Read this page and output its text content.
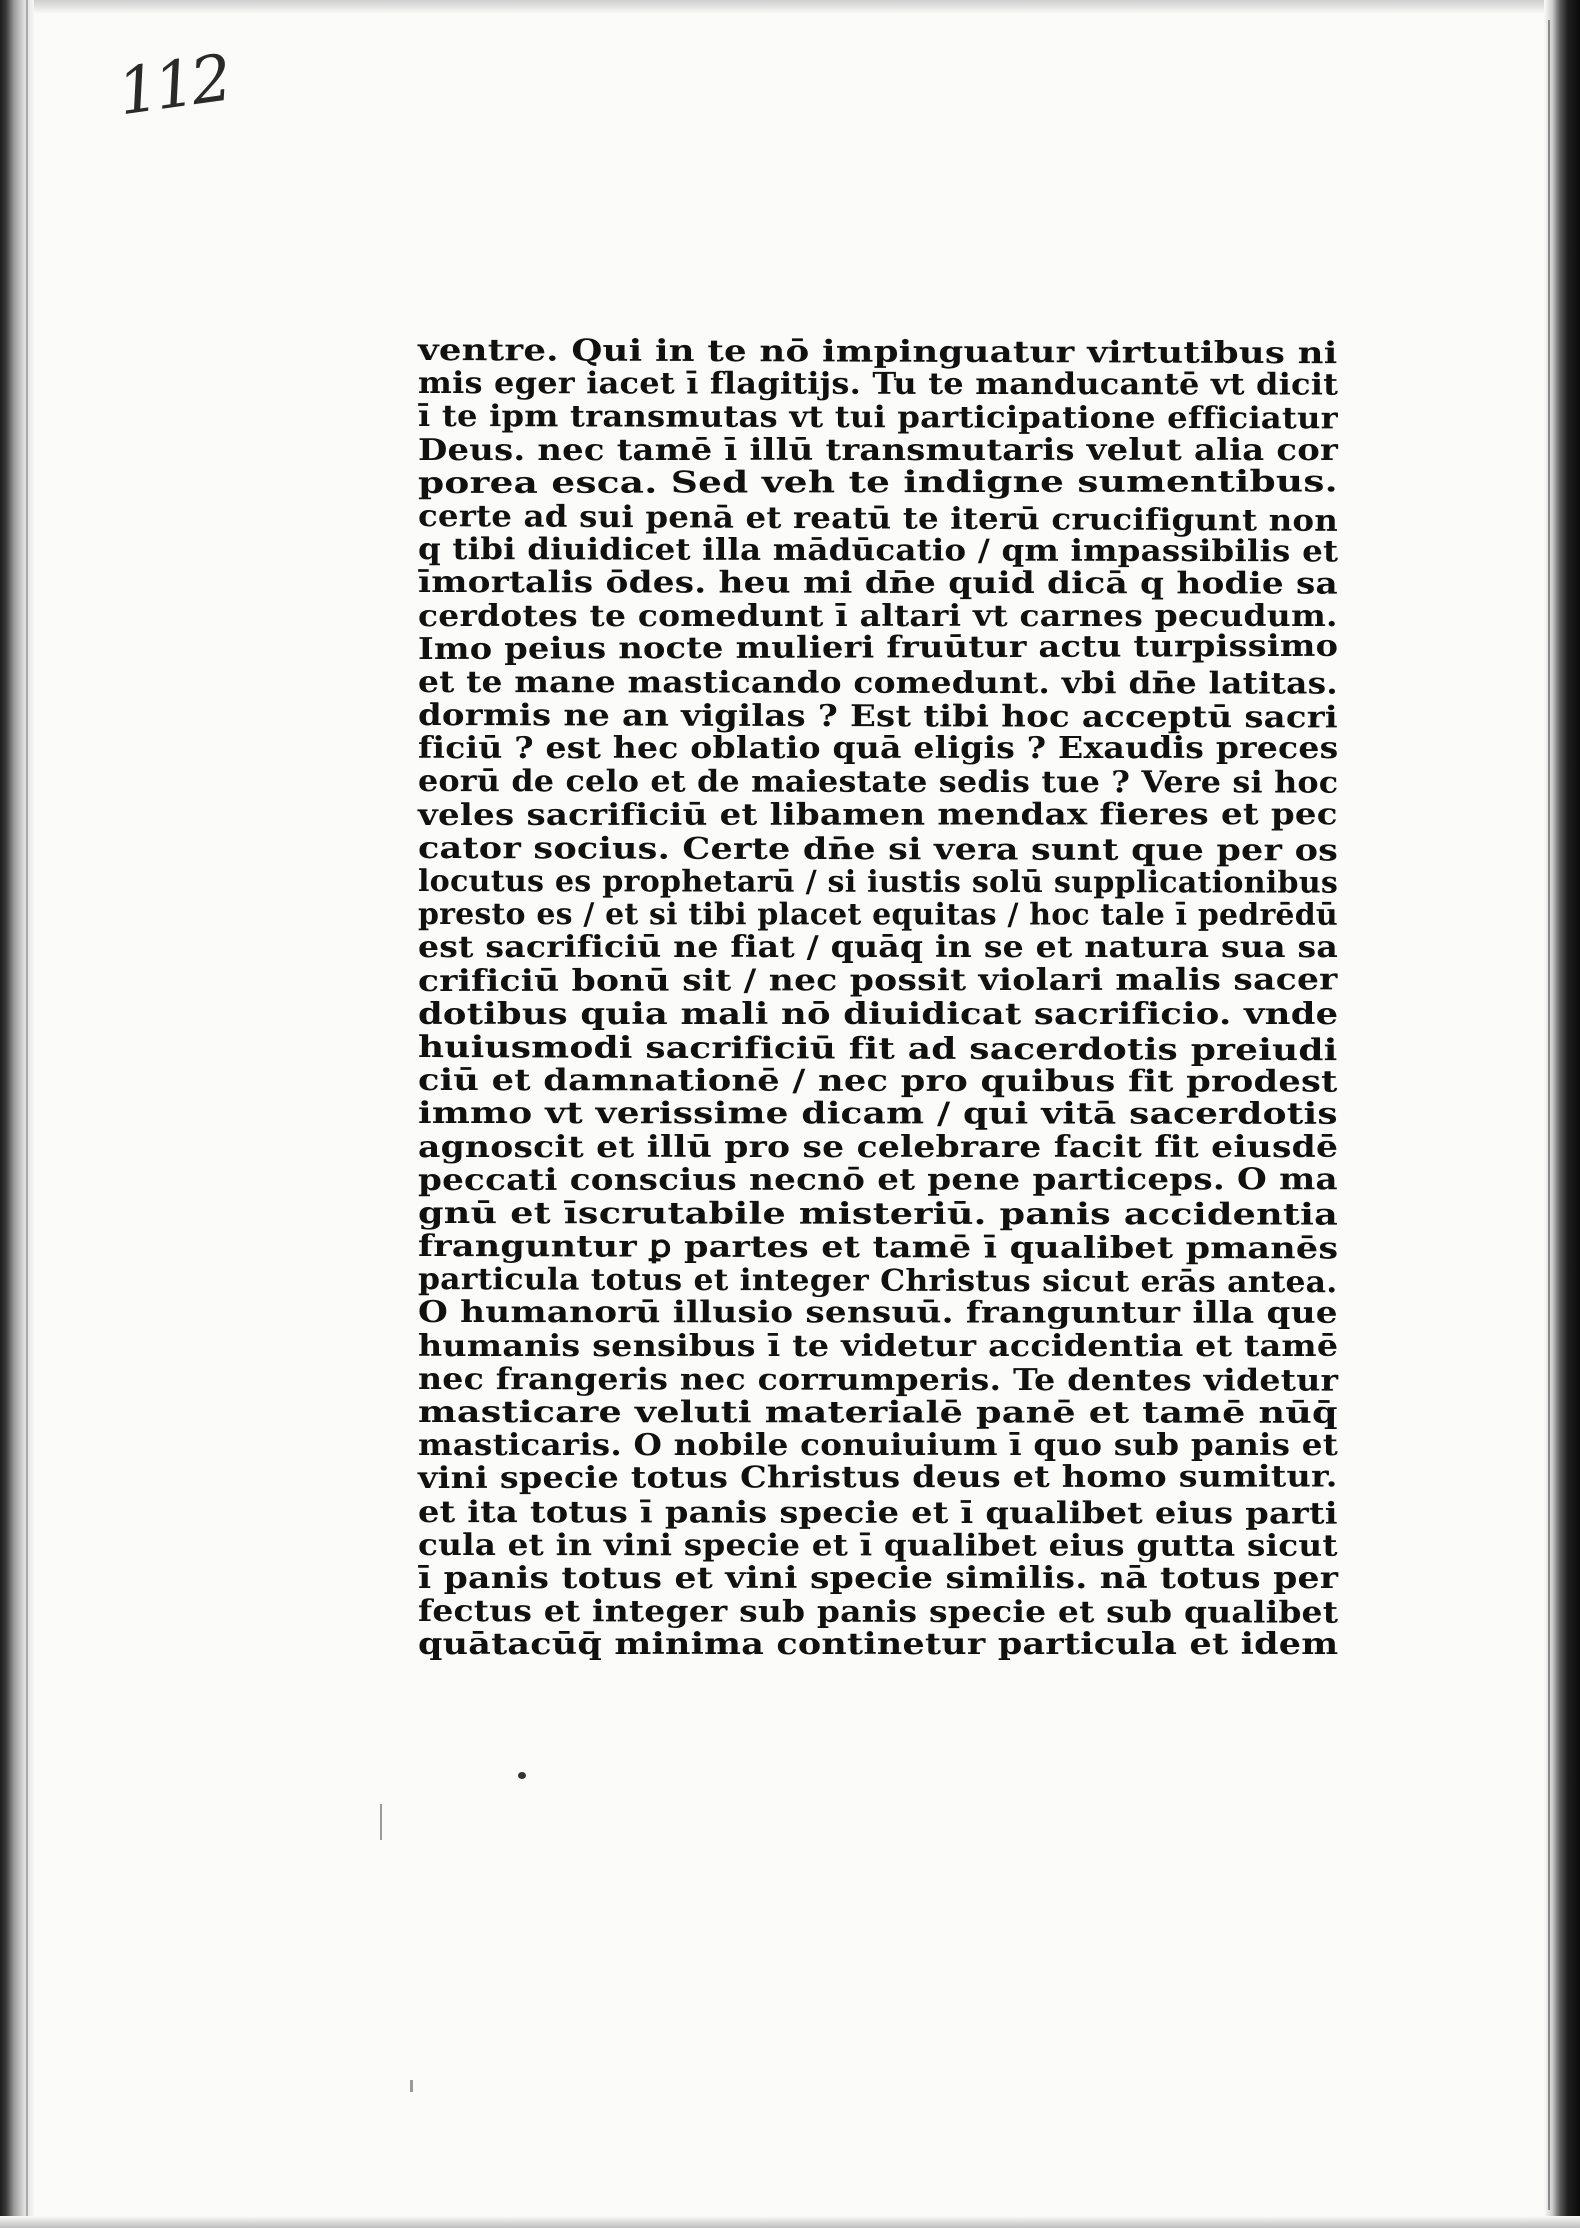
112
ventre. Qui in te nō impinguatur virtutibus ni
mis eger iacet ī flagitijs. Tu te manducantē vt dicit
ī te ipm transmutas vt tui participatione efficiatur
Deus. nec tamē ī illū transmutaris velut alia cor
porea esca. Sed veh te indigne sumentibus.
certe ad sui penā et reatū te iterū crucifigunt non
q tibi diuidicet illa mādūcatio / qm impassibilis et
īmortalis ōdes. heu mi dn̄e quid dicā q hodie sa
cerdotes te comedunt ī altari vt carnes pecudum.
Imo peius nocte mulieri fruūtur actu turpissimo
et te mane masticando comedunt. vbi dn̄e latitas.
dormis ne an vigilas ? Est tibi hoc acceptū sacri
ficiū ? est hec oblatio quā eligis ? Exaudis preces
eorū de celo et de maiestate sedis tue ? Vere si hoc
veles sacrificiū et libamen mendax fieres et pec
cator socius. Certe dn̄e si vera sunt que per os
locutus es prophetarū / si iustis solū supplicationibus
presto es / et si tibi placet equitas / hoc tale ī pedrēdū
est sacrificiū ne fiat / quāq in se et natura sua sa
crificiū bonū sit / nec possit violari malis sacer
dotibus quia mali nō diuidicat sacrificio. vnde
huiusmodi sacrificiū fit ad sacerdotis preiudi
ciū et damnationē / nec pro quibus fit prodest
immo vt verissime dicam / qui vitā sacerdotis
agnoscit et illū pro se celebrare facit fit eiusdē
peccati conscius necnō et pene particeps. O ma
gnū et īscrutabile misteriū. panis accidentia
franguntur ꝑ partes et tamē ī qualibet pmanēs
particula totus et integer Christus sicut erās antea.
O humanorū illusio sensuū. franguntur illa que
humanis sensibus ī te videtur accidentia et tamē
nec frangeris nec corrumperis. Te dentes videtur
masticare veluti materialē panē et tamē nūq̄
masticaris. O nobile conuiuium ī quo sub panis et
vini specie totus Christus deus et homo sumitur.
et ita totus ī panis specie et ī qualibet eius parti
cula et in vini specie et ī qualibet eius gutta sicut
ī panis totus et vini specie similis. nā totus per
fectus et integer sub panis specie et sub qualibet
quātacūq̄ minima continetur particula et idem
